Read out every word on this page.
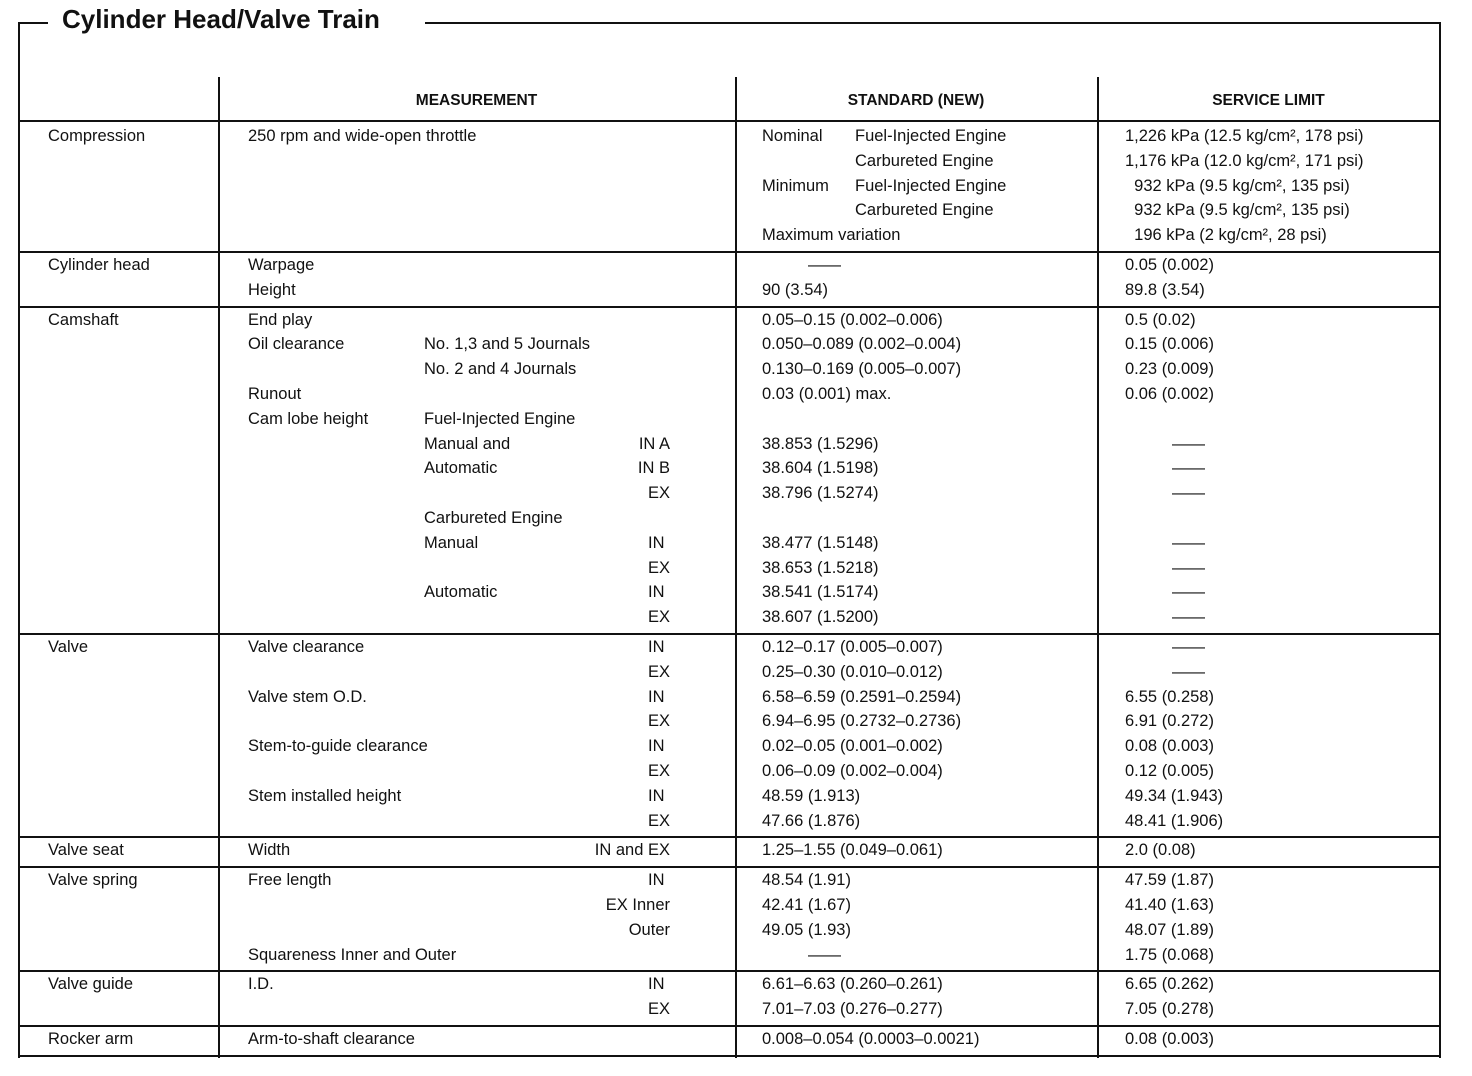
Cylinder Head/Valve Train
MEASUREMENT	STANDARD (NEW)	SERVICE LIMIT
Compression	250 rpm and wide-open throttle	Nominal Fuel-Injected Engine	1,226 kPa (12.5 kg/cm², 178 psi)
Carbureted Engine	1,176 kPa (12.0 kg/cm², 171 psi)
Minimum Fuel-Injected Engine	932 kPa (9.5 kg/cm², 135 psi)
Carbureted Engine	932 kPa (9.5 kg/cm², 135 psi)
Maximum variation	196 kPa (2 kg/cm², 28 psi)
Cylinder head	Warpage	——	0.05 (0.002)
Height	90 (3.54)	89.8 (3.54)
Camshaft	End play	0.05–0.15 (0.002–0.006)	0.5 (0.02)
Oil clearance	No. 1,3 and 5 Journals	0.050–0.089 (0.002–0.004)	0.15 (0.006)
No. 2 and 4 Journals	0.130–0.169 (0.005–0.007)	0.23 (0.009)
Runout	0.03 (0.001) max.	0.06 (0.002)
Cam lobe height	Fuel-Injected Engine
Manual and	IN A	38.853 (1.5296)	——
Automatic	IN B	38.604 (1.5198)	——
EX	38.796 (1.5274)	——
Carbureted Engine
Manual	IN	38.477 (1.5148)	——
EX	38.653 (1.5218)	——
Automatic	IN	38.541 (1.5174)	——
EX	38.607 (1.5200)	——
Valve	Valve clearance	IN	0.12–0.17 (0.005–0.007)	——
EX	0.25–0.30 (0.010–0.012)	——
Valve stem O.D.	IN	6.58–6.59 (0.2591–0.2594)	6.55 (0.258)
EX	6.94–6.95 (0.2732–0.2736)	6.91 (0.272)
Stem-to-guide clearance	IN	0.02–0.05 (0.001–0.002)	0.08 (0.003)
EX	0.06–0.09 (0.002–0.004)	0.12 (0.005)
Stem installed height	IN	48.59 (1.913)	49.34 (1.943)
EX	47.66 (1.876)	48.41 (1.906)
Valve seat	Width	IN and EX	1.25–1.55 (0.049–0.061)	2.0 (0.08)
Valve spring	Free length	IN	48.54 (1.91)	47.59 (1.87)
EX Inner	42.41 (1.67)	41.40 (1.63)
Outer	49.05 (1.93)	48.07 (1.89)
Squareness Inner and Outer	——	1.75 (0.068)
Valve guide	I.D.	IN	6.61–6.63 (0.260–0.261)	6.65 (0.262)
EX	7.01–7.03 (0.276–0.277)	7.05 (0.278)
Rocker arm	Arm-to-shaft clearance	0.008–0.054 (0.0003–0.0021)	0.08 (0.003)
